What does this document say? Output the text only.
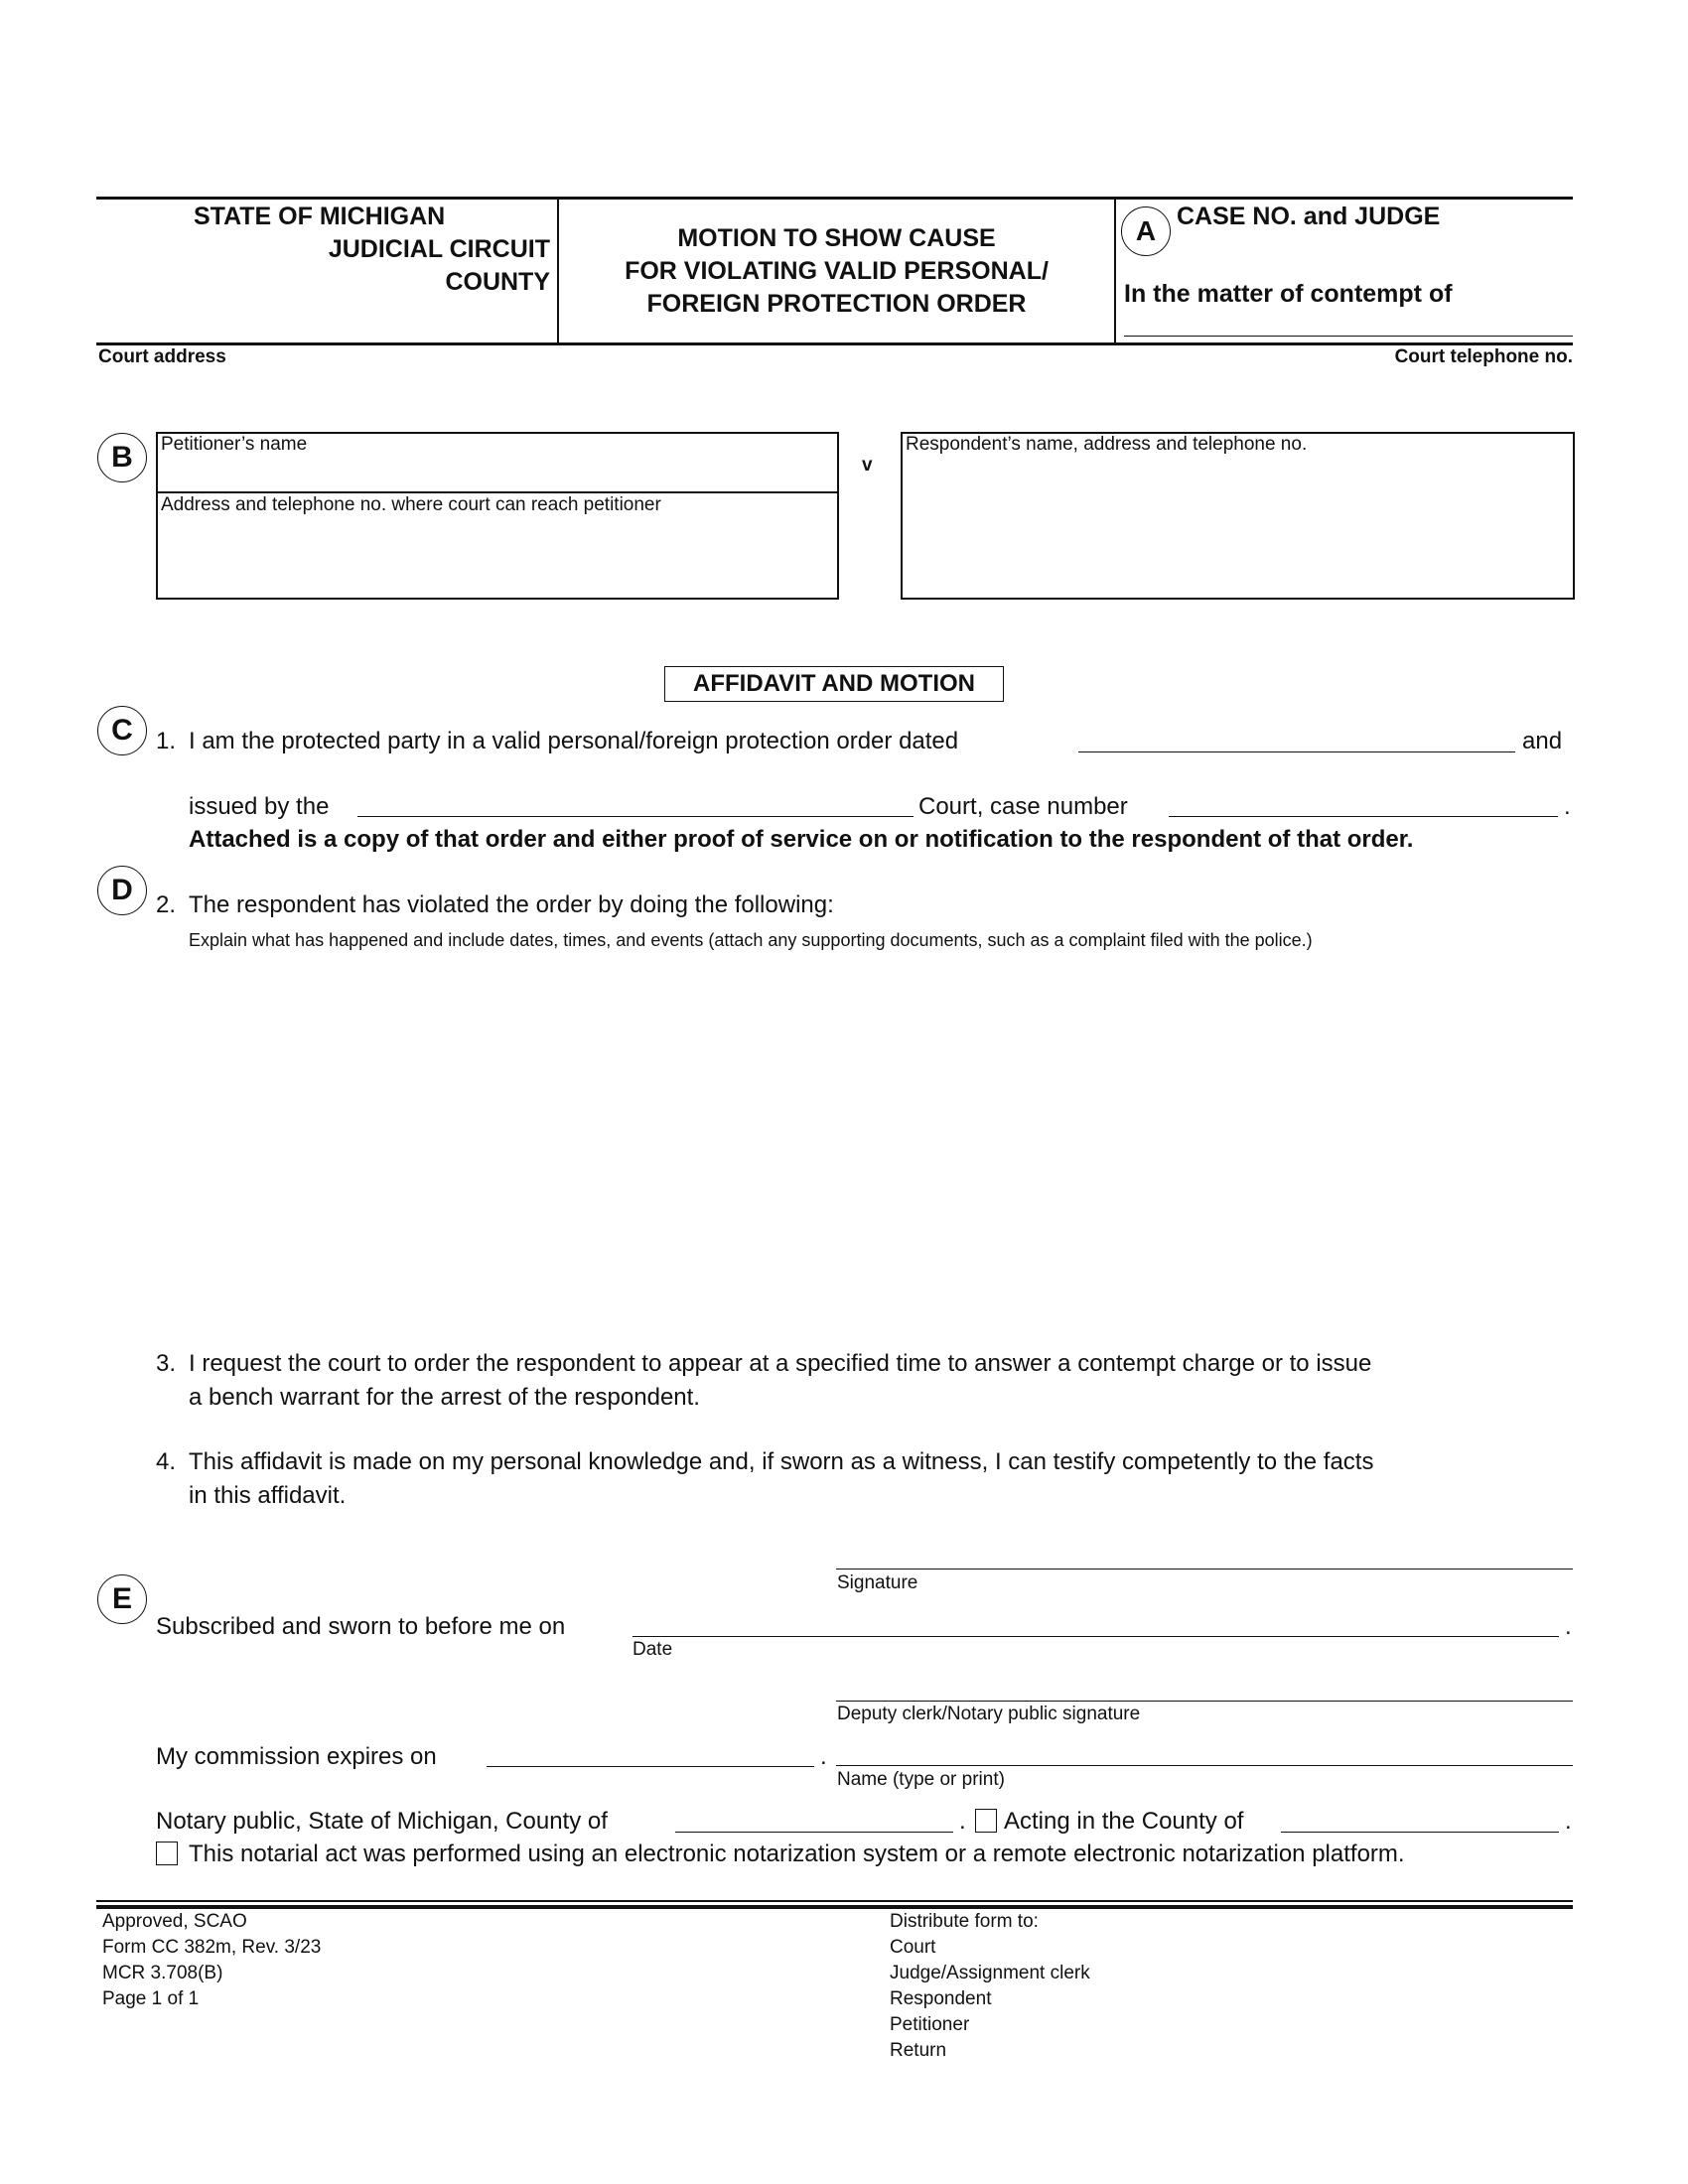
STATE OF MICHIGAN
JUDICIAL CIRCUIT
COUNTY
MOTION TO SHOW CAUSE
FOR VIOLATING VALID PERSONAL/
FOREIGN PROTECTION ORDER
A CASE NO. and JUDGE
In the matter of contempt of
Court address	Court telephone no.
B	Petitioner’s name
Address and telephone no. where court can reach petitioner
v
Respondent’s name, address and telephone no.
AFFIDAVIT AND MOTION
C 1. I am the protected party in a valid personal/foreign protection order dated	and
issued by the	Court, case number	.
Attached is a copy of that order and either proof of service on or notification to the respondent of that order.
D 2. The respondent has violated the order by doing the following:
Explain what has happened and include dates, times, and events (attach any supporting documents, such as a complaint filed with the police.)
3. I request the court to order the respondent to appear at a specified time to answer a contempt charge or to issue
a bench warrant for the arrest of the respondent.
4. This affidavit is made on my personal knowledge and, if sworn as a witness, I can testify competently to the facts
in this affidavit.
Signature
E
Subscribed and sworn to before me on	.
Date
Deputy clerk/Notary public signature
My commission expires on	.
Name (type or print)
Notary public, State of Michigan, County of	. Acting in the County of	.
This notarial act was performed using an electronic notarization system or a remote electronic notarization platform.
Approved, SCAO
Form CC 382m, Rev. 3/23
MCR 3.708(B)
Page 1 of 1
Distribute form to:
Court
Judge/Assignment clerk
Respondent
Petitioner
Return
